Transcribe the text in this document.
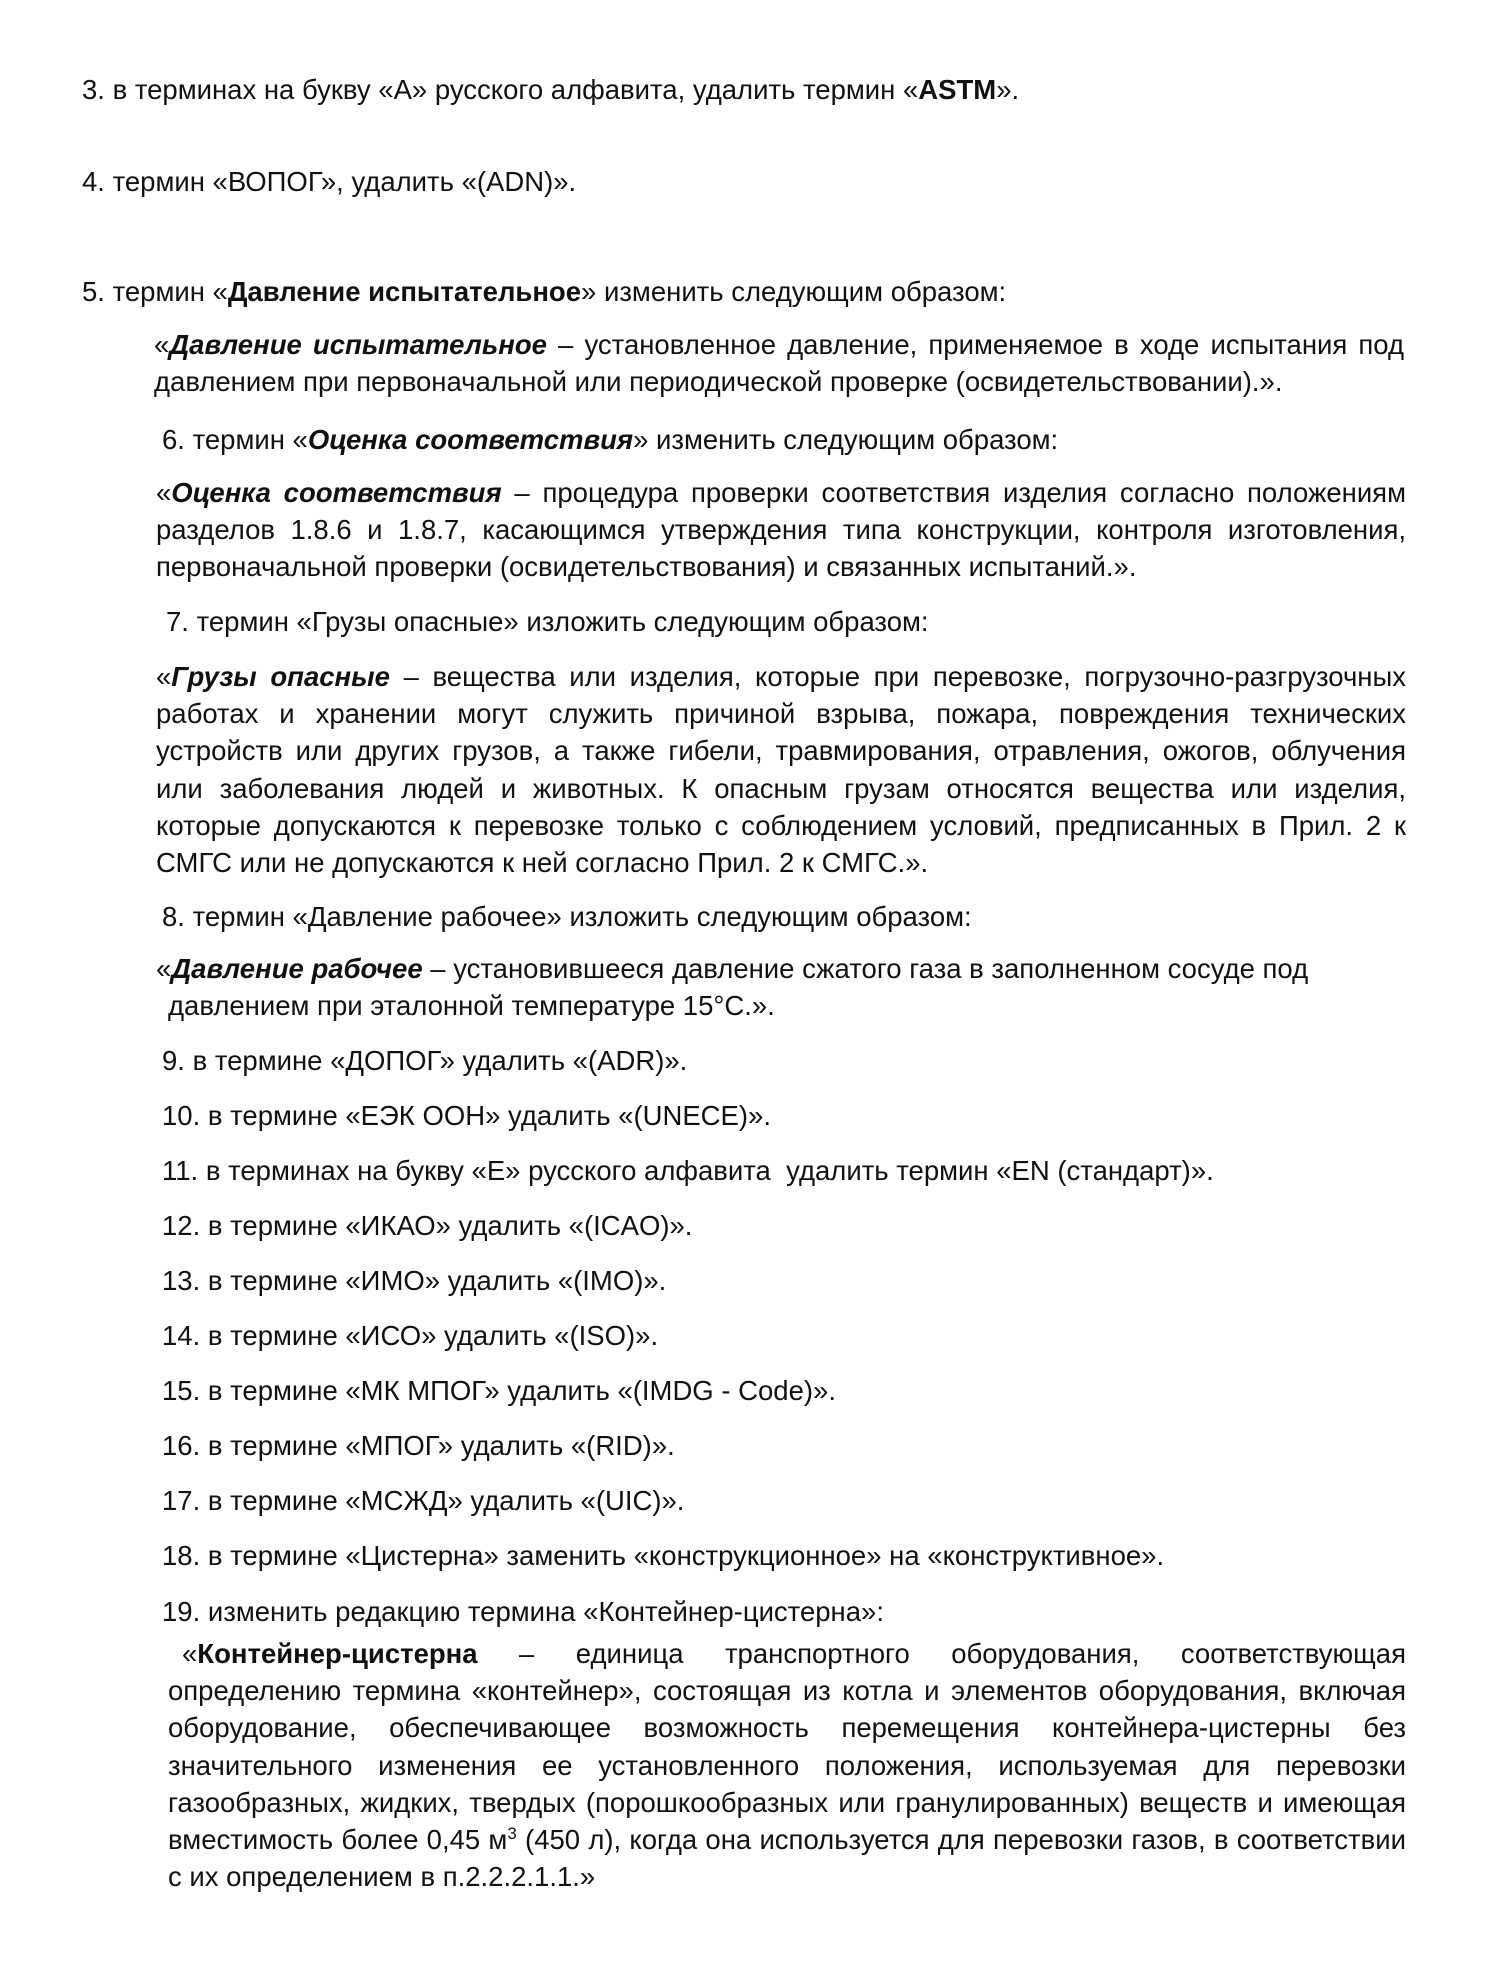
3. в терминах на букву «А» русского алфавита, удалить термин «ASTM».
4. термин «ВОПОГ», удалить «(ADN)».
5. термин «Давление испытательное» изменить следующим образом:
«Давление испытательное – установленное давление, применяемое в ходе испытания под давлением при первоначальной или периодической проверке (освидетельствовании).».
6. термин «Оценка соответствия» изменить следующим образом:
«Оценка соответствия – процедура проверки соответствия изделия согласно положениям разделов 1.8.6 и 1.8.7, касающимся утверждения типа конструкции, контроля изготовления, первоначальной проверки (освидетельствования) и связанных испытаний.».
7. термин «Грузы опасные» изложить следующим образом:
«Грузы опасные – вещества или изделия, которые при перевозке, погрузочно-разгрузочных работах и хранении могут служить причиной взрыва, пожара, повреждения технических устройств или других грузов, а также гибели, травмирования, отравления, ожогов, облучения или заболевания людей и животных. К опасным грузам относятся вещества или изделия, которые допускаются к перевозке только с соблюдением условий, предписанных в Прил. 2 к СМГС или не допускаются к ней согласно Прил. 2 к СМГС.».
8. термин «Давление рабочее» изложить следующим образом:
«Давление рабочее – установившееся давление сжатого газа в заполненном сосуде под
давлением при эталонной температуре 15°С.».
9. в термине «ДОПОГ» удалить «(ADR)».
10. в термине «ЕЭК ООН» удалить «(UNECE)».
11. в терминах на букву «Е» русского алфавита  удалить термин «EN (стандарт)».
12. в термине «ИКАО» удалить «(ICAO)».
13. в термине «ИМО» удалить «(IMO)».
14. в термине «ИСО» удалить «(ISO)».
15. в термине «МК МПОГ» удалить «(IMDG - Code)».
16. в термине «МПОГ» удалить «(RID)».
17. в термине «МСЖД» удалить «(UIC)».
18. в термине «Цистерна» заменить «конструкционное» на «конструктивное».
19. изменить редакцию термина «Контейнер-цистерна»:
«Контейнер-цистерна – единица транспортного оборудования, соответствующая определению термина «контейнер», состоящая из котла и элементов оборудования, включая оборудование, обеспечивающее возможность перемещения контейнера-цистерны без значительного изменения ее установленного положения, используемая для перевозки газообразных, жидких, твердых (порошкообразных или гранулированных) веществ и имеющая вместимость более 0,45 $м^3$ (450 л), когда она используется для перевозки газов, в соответствии с их определением в п.2.2.2.1.1.»
